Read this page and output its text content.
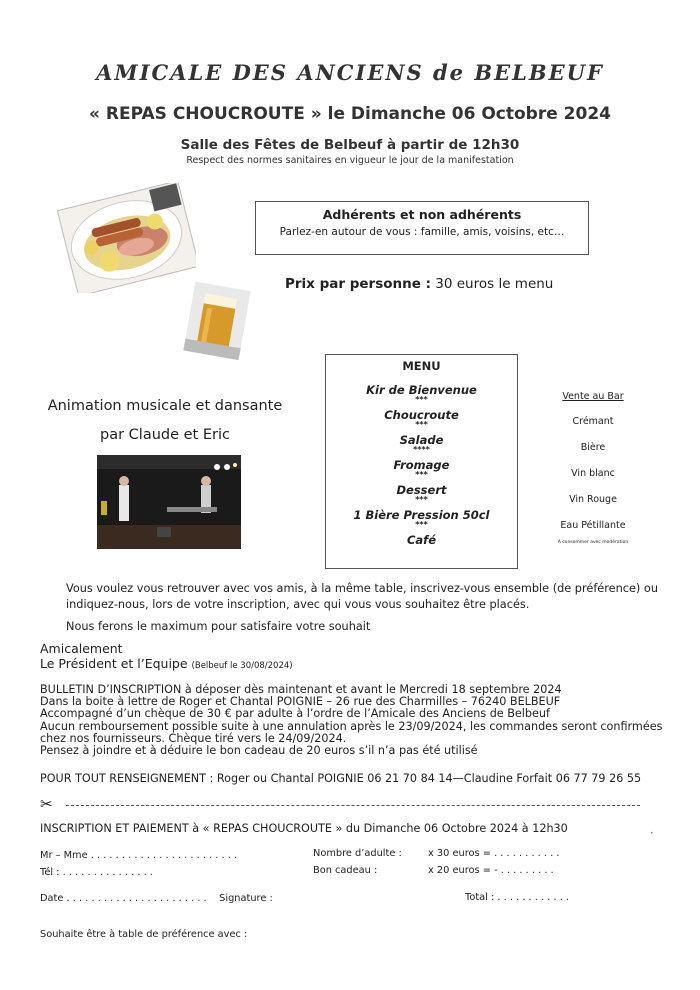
AMICALE DES ANCIENS de BELBEUF
« REPAS CHOUCROUTE » le Dimanche 06 Octobre 2024
Salle des Fêtes de Belbeuf à partir de 12h30
Respect des normes sanitaires en vigueur le jour de la manifestation
Adhérents et non adhérents
Parlez-en autour de vous : famille, amis, voisins, etc…
Prix par personne : 30 euros le menu
Animation musicale et dansante
par Claude et Eric
MENU
Kir de Bienvenue
***
Choucroute
***
Salade
****
Fromage
***
Dessert
***
1 Bière Pression 50cl
***
Café
Vente au Bar
Crémant
Bière
Vin blanc
Vin Rouge
Eau Pétillante
A consommer avec modération
Vous voulez vous retrouver avec vos amis, à la même table, inscrivez-vous ensemble (de préférence) ou indiquez-nous, lors de votre inscription, avec qui vous vous souhaitez être placés.
Nous ferons le maximum pour satisfaire votre souhait
Amicalement
Le Président et l’Equipe (Belbeuf le 30/08/2024)
BULLETIN D’INSCRIPTION à déposer dès maintenant et avant le Mercredi 18 septembre 2024
Dans la boite à lettre de Roger et Chantal POIGNIE – 26 rue des Charmilles – 76240 BELBEUF
Accompagné d’un chèque de 30 € par adulte à l’ordre de l’Amicale des Anciens de Belbeuf
Aucun remboursement possible suite à une annulation après le 23/09/2024, les commandes seront confirmées
chez nos fournisseurs. Chèque tiré vers le 24/09/2024.
Pensez à joindre et à déduire le bon cadeau de 20 euros s’il n’a pas été utilisé
POUR TOUT RENSEIGNEMENT : Roger ou Chantal POIGNIE 06 21 70 84 14—Claudine Forfait 06 77 79 26 55
✂
INSCRIPTION ET PAIEMENT à « REPAS CHOUCROUTE » du Dimanche 06 Octobre 2024 à 12h30	•
Mr – Mme . . . . . . . . . . . . . . . . . . . . . . . .
Tél : . . . . . . . . . . . . . . .
Date . . . . . . . . . . . . . . . . . . . . . . .    Signature :
Nombre d’adulte :	x 30 euros = . . . . . . . . . . .
Bon cadeau :	x 20 euros = - . . . . . . . . .
Total : . . . . . . . . . . . .
Souhaite être à table de préférence avec :
